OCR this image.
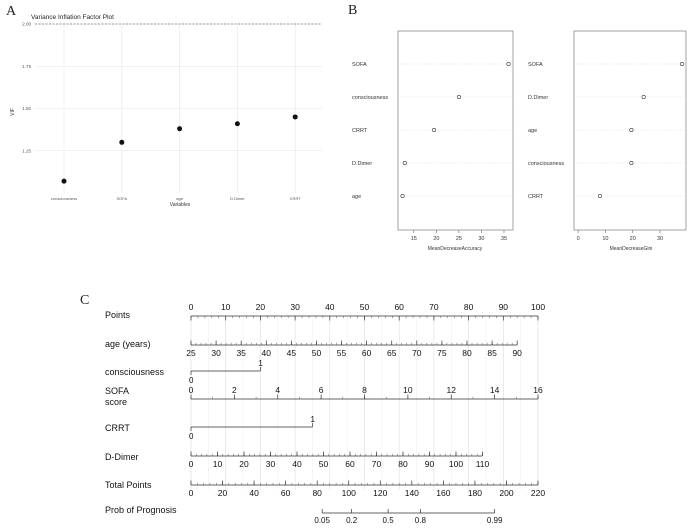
A	B
C
Variance Inflation Factor Plot
VIF
Variables
1.25
1.50
1.75
2.00
consciousness	SOFA	age	D.Dimer	CRRT
MeanDecreaseAccuracy
SOFA
consciousness
CRRT
D.Dimer
age
15	20	25	30	35
MeanDecreaseGini
SOFA
D.Dimer
age
consciousness
CRRT
0	10	20	30
Points
0	10	20	30	40	50	60	70	80	90	100
age (years)
25 30 35 40 45 50 55 60 65 70 75 80 85 90
consciousness
0
1
SOFA score
0	2	4	6	8	10	12	14	16
CRRT
0
1
D-Dimer
0 10 20 30 40 50 60 70 80 90 100 110
Total Points
0	20	40	60	80 100 120 140 160 180 200 220
Prob of Prognosis
0.05 0.2	0.5	0.8	0.99
